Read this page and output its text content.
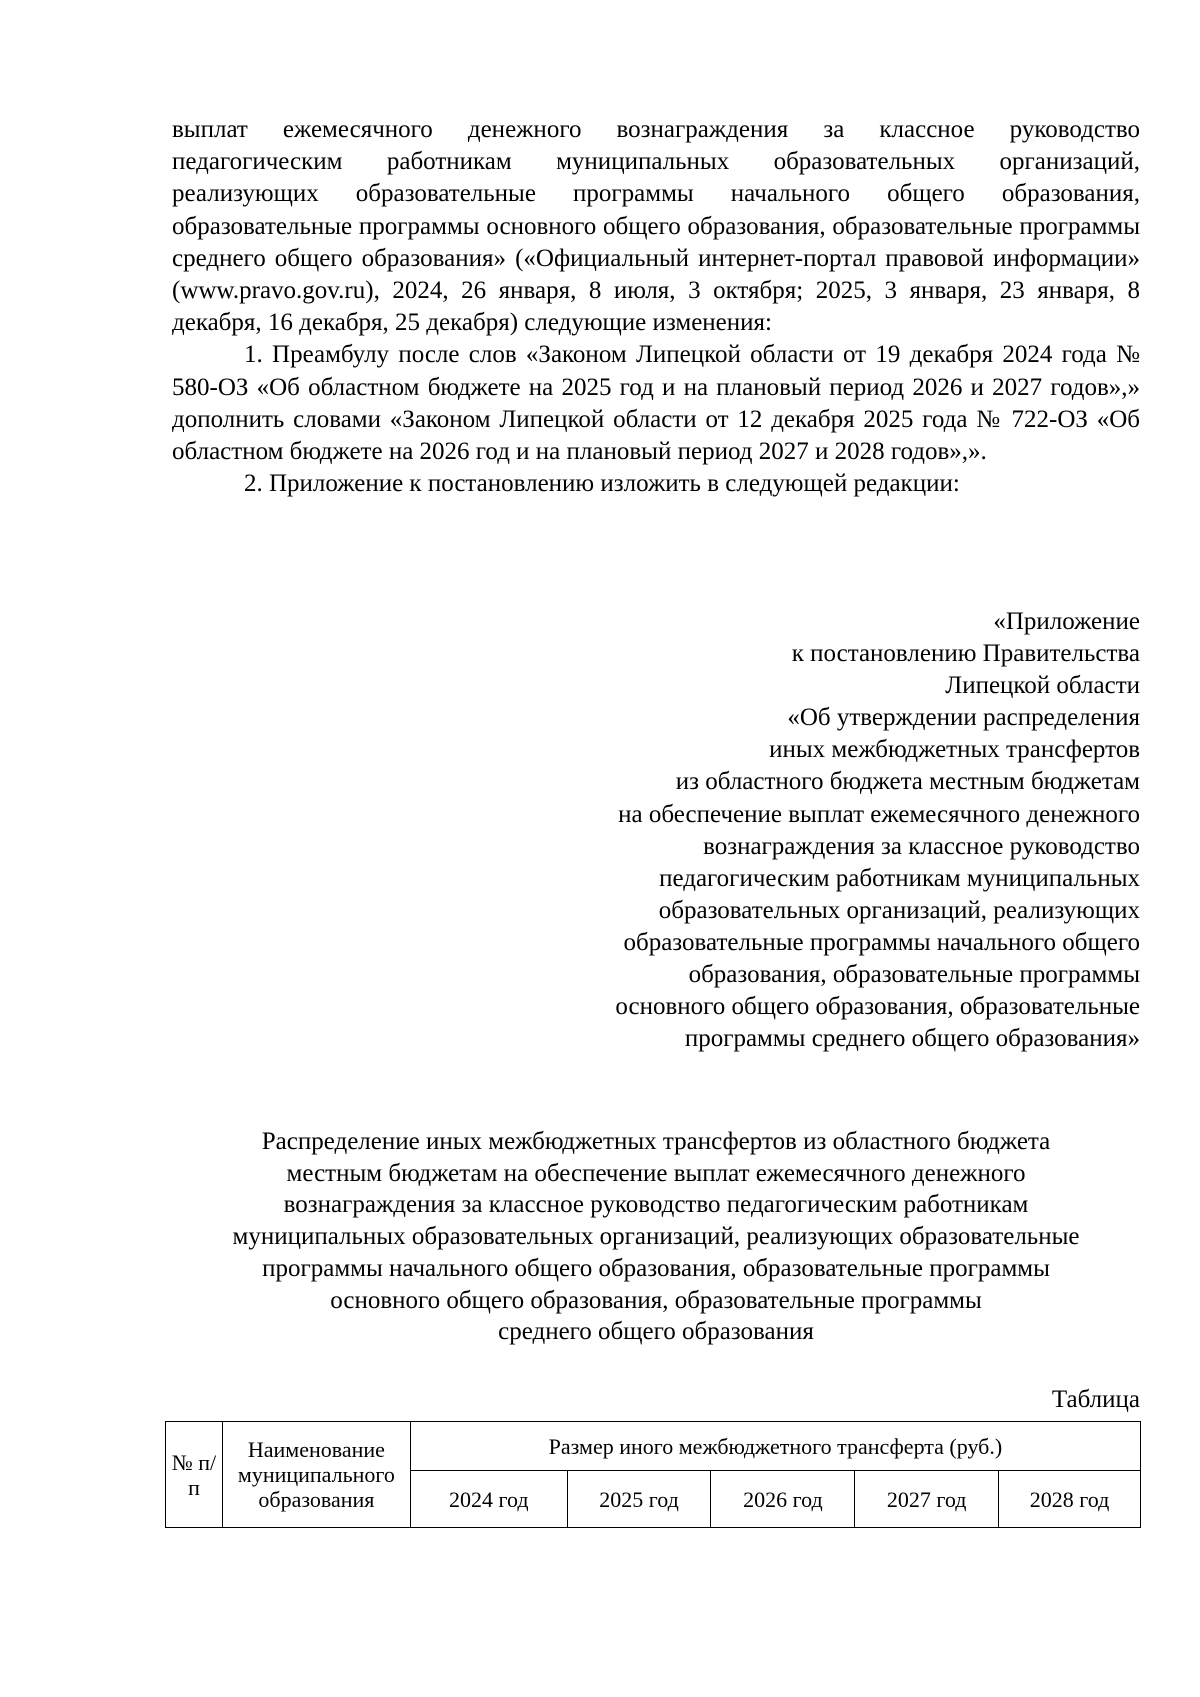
выплат ежемесячного денежного вознаграждения за классное руководство педагогическим работникам муниципальных образовательных организаций, реализующих образовательные программы начального общего образования, образовательные программы основного общего образования, образовательные программы среднего общего образования» («Официальный интернет-портал правовой информации» (www.pravo.gov.ru), 2024, 26 января, 8 июля, 3 октября; 2025, 3 января, 23 января, 8 декабря, 16 декабря, 25 декабря) следующие изменения:

1. Преамбулу после слов «Законом Липецкой области от 19 декабря 2024 года № 580-ОЗ «Об областном бюджете на 2025 год и на плановый период 2026 и 2027 годов»,» дополнить словами «Законом Липецкой области от 12 декабря 2025 года № 722-ОЗ «Об областном бюджете на 2026 год и на плановый период 2027 и 2028 годов»,».

2. Приложение к постановлению изложить в следующей редакции:

«Приложение
к постановлению Правительства
Липецкой области
«Об утверждении распределения
иных межбюджетных трансфертов
из областного бюджета местным бюджетам
на обеспечение выплат ежемесячного денежного
вознаграждения за классное руководство
педагогическим работникам муниципальных
образовательных организаций, реализующих
образовательные программы начального общего
образования, образовательные программы
основного общего образования, образовательные
программы среднего общего образования»
Распределение иных межбюджетных трансфертов из областного бюджета
местным бюджетам на обеспечение выплат ежемесячного денежного
вознаграждения за классное руководство педагогическим работникам
муниципальных образовательных организаций, реализующих образовательные
программы начального общего образования, образовательные программы
основного общего образования, образовательные программы
среднего общего образования
Таблица
№ п/п	Наименование муниципального образования	Размер иного межбюджетного трансферта (руб.)				
		2024 год	2025 год	2026 год	2027 год	2028 год
